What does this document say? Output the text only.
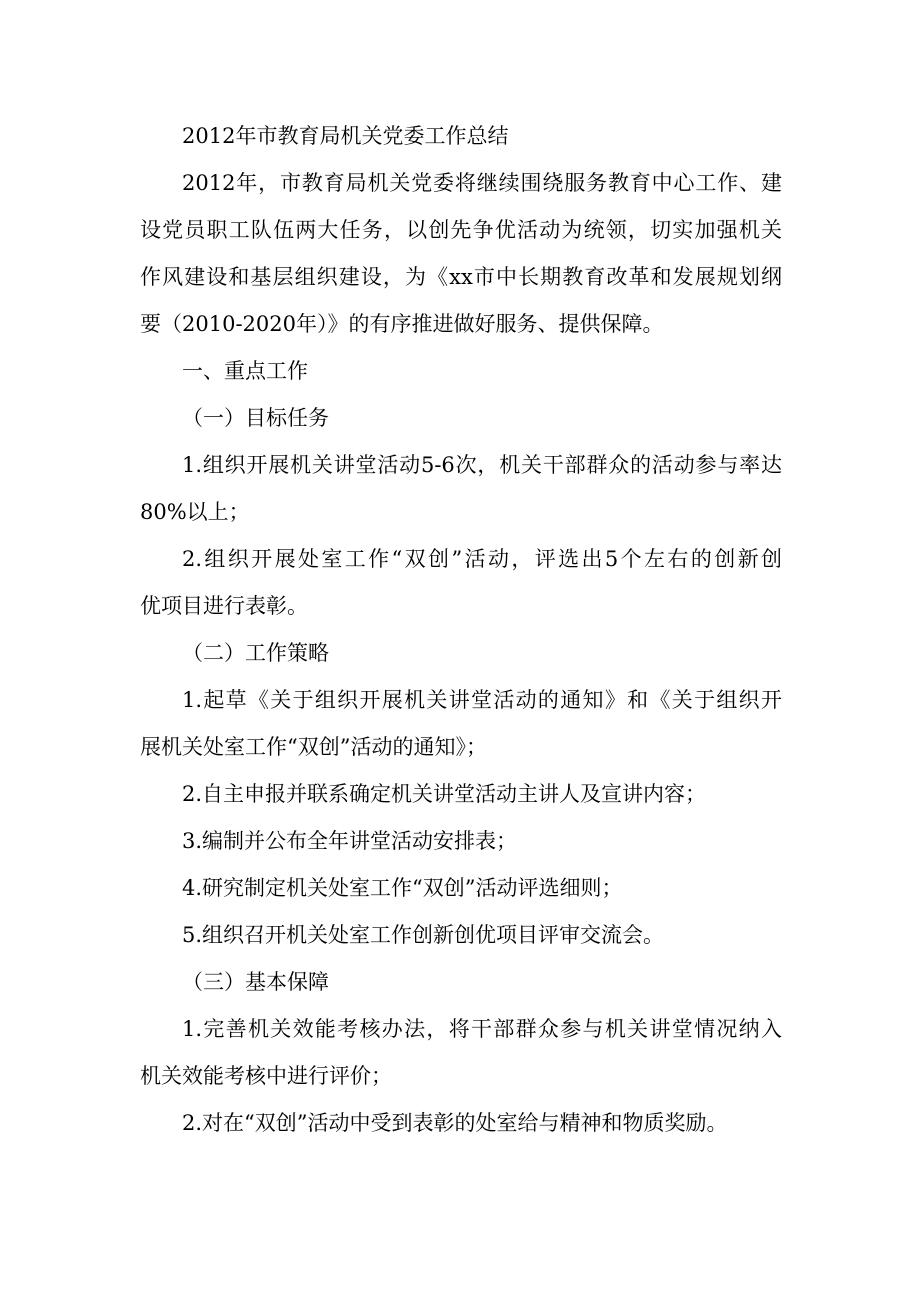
2012年市教育局机关党委工作总结
2012年，市教育局机关党委将继续围绕服务教育中心工作、建
设党员职工队伍两大任务，以创先争优活动为统领，切实加强机关
作风建设和基层组织建设，为《xx市中长期教育改革和发展规划纲
要（2010-2020年）》的有序推进做好服务、提供保障。
一、重点工作
（一）目标任务
1.组织开展机关讲堂活动5-6次，机关干部群众的活动参与率达
80%以上；
2.组织开展处室工作“双创”活动，评选出5个左右的创新创
优项目进行表彰。
（二）工作策略
1.起草《关于组织开展机关讲堂活动的通知》和《关于组织开
展机关处室工作“双创”活动的通知》；
2.自主申报并联系确定机关讲堂活动主讲人及宣讲内容；
3.编制并公布全年讲堂活动安排表；
4.研究制定机关处室工作“双创”活动评选细则；
5.组织召开机关处室工作创新创优项目评审交流会。
（三）基本保障
1.完善机关效能考核办法，将干部群众参与机关讲堂情况纳入
机关效能考核中进行评价；
2.对在“双创”活动中受到表彰的处室给与精神和物质奖励。
